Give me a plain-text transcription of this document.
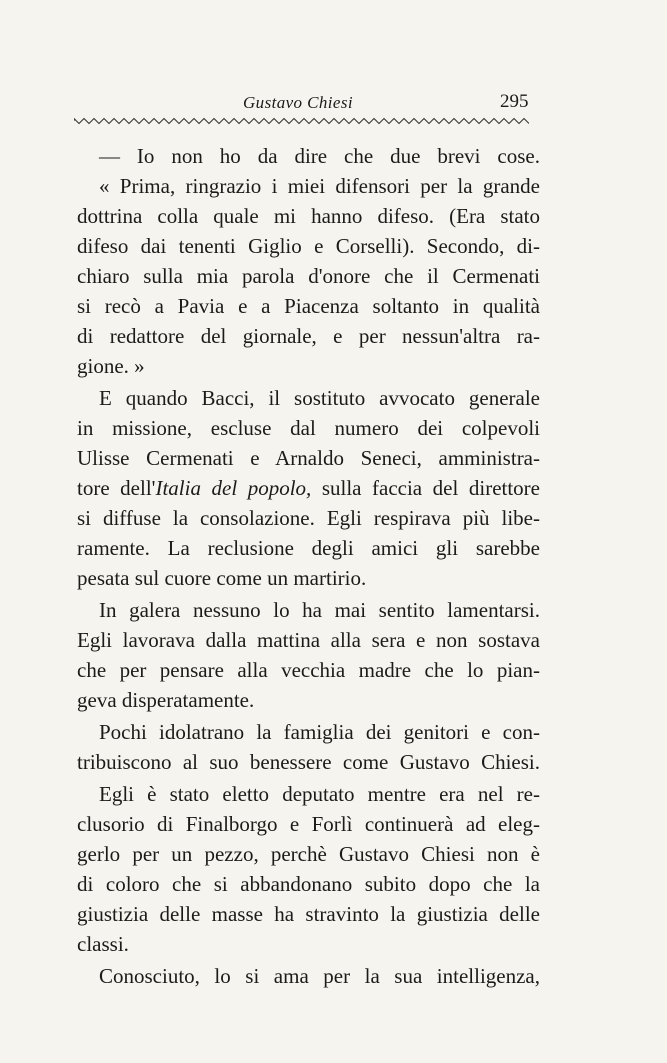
Gustavo Chiesi	295
— Io non ho da dire che due brevi cose.
« Prima, ringrazio i miei difensori per la grande
dottrina colla quale mi hanno difeso. (Era stato
difeso dai tenenti Giglio e Corselli). Secondo, di-
chiaro sulla mia parola d'onore che il Cermenati
si recò a Pavia e a Piacenza soltanto in qualità
di redattore del giornale, e per nessun'altra ra-
gione. »
E quando Bacci, il sostituto avvocato generale
in missione, escluse dal numero dei colpevoli
Ulisse Cermenati e Arnaldo Seneci, amministra-
tore dell'Italia del popolo, sulla faccia del direttore
si diffuse la consolazione. Egli respirava più libe-
ramente. La reclusione degli amici gli sarebbe
pesata sul cuore come un martirio.
In galera nessuno lo ha mai sentito lamentarsi.
Egli lavorava dalla mattina alla sera e non sostava
che per pensare alla vecchia madre che lo pian-
geva disperatamente.
Pochi idolatrano la famiglia dei genitori e con-
tribuiscono al suo benessere come Gustavo Chiesi.
Egli è stato eletto deputato mentre era nel re-
clusorio di Finalborgo e Forlì continuerà ad eleg-
gerlo per un pezzo, perchè Gustavo Chiesi non è
di coloro che si abbandonano subito dopo che la
giustizia delle masse ha stravinto la giustizia delle
classi.
Conosciuto, lo si ama per la sua intelligenza,
